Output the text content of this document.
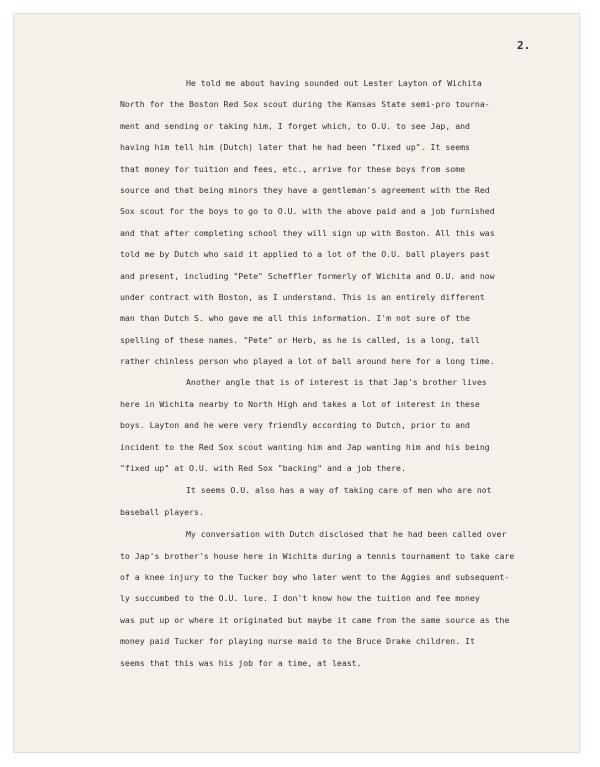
2.
He told me about having sounded out Lester Layton of Wichita
North for the Boston Red Sox scout during the Kansas State semi-pro tourna-
ment and sending or taking him, I forget which, to O.U. to see Jap, and
having him tell him (Dutch) later that he had been "fixed up". It seems
that money for tuition and fees, etc., arrive for these boys from some
source and that being minors they have a gentleman's agreement with the Red
Sox scout for the boys to go to O.U. with the above paid and a job furnished
and that after completing school they will sign up with Boston. All this was
told me by Dutch who said it applied to a lot of the O.U. ball players past
and present, including "Pete" Scheffler formerly of Wichita and O.U. and now
under contract with Boston, as I understand. This is an entirely different
man than Dutch S. who gave me all this information. I'm not sure of the
spelling of these names. "Pete" or Herb, as he is called, is a long, tall
rather chinless person who played a lot of ball around here for a long time.
Another angle that is of interest is that Jap's brother lives
here in Wichita nearby to North High and takes a lot of interest in these
boys. Layton and he were very friendly according to Dutch, prior to and
incident to the Red Sox scout wanting him and Jap wanting him and his being
"fixed up" at O.U. with Red Sox "backing" and a job there.
It seems O.U. also has a way of taking care of men who are not
baseball players.
My conversation with Dutch disclosed that he had been called over
to Jap's brother's house here in Wichita during a tennis tournament to take care
of a knee injury to the Tucker boy who later went to the Aggies and subsequent-
ly succumbed to the O.U. lure. I don't know how the tuition and fee money
was put up or where it originated but maybe it came from the same source as the
money paid Tucker for playing nurse maid to the Bruce Drake children. It
seems that this was his job for a time, at least.
